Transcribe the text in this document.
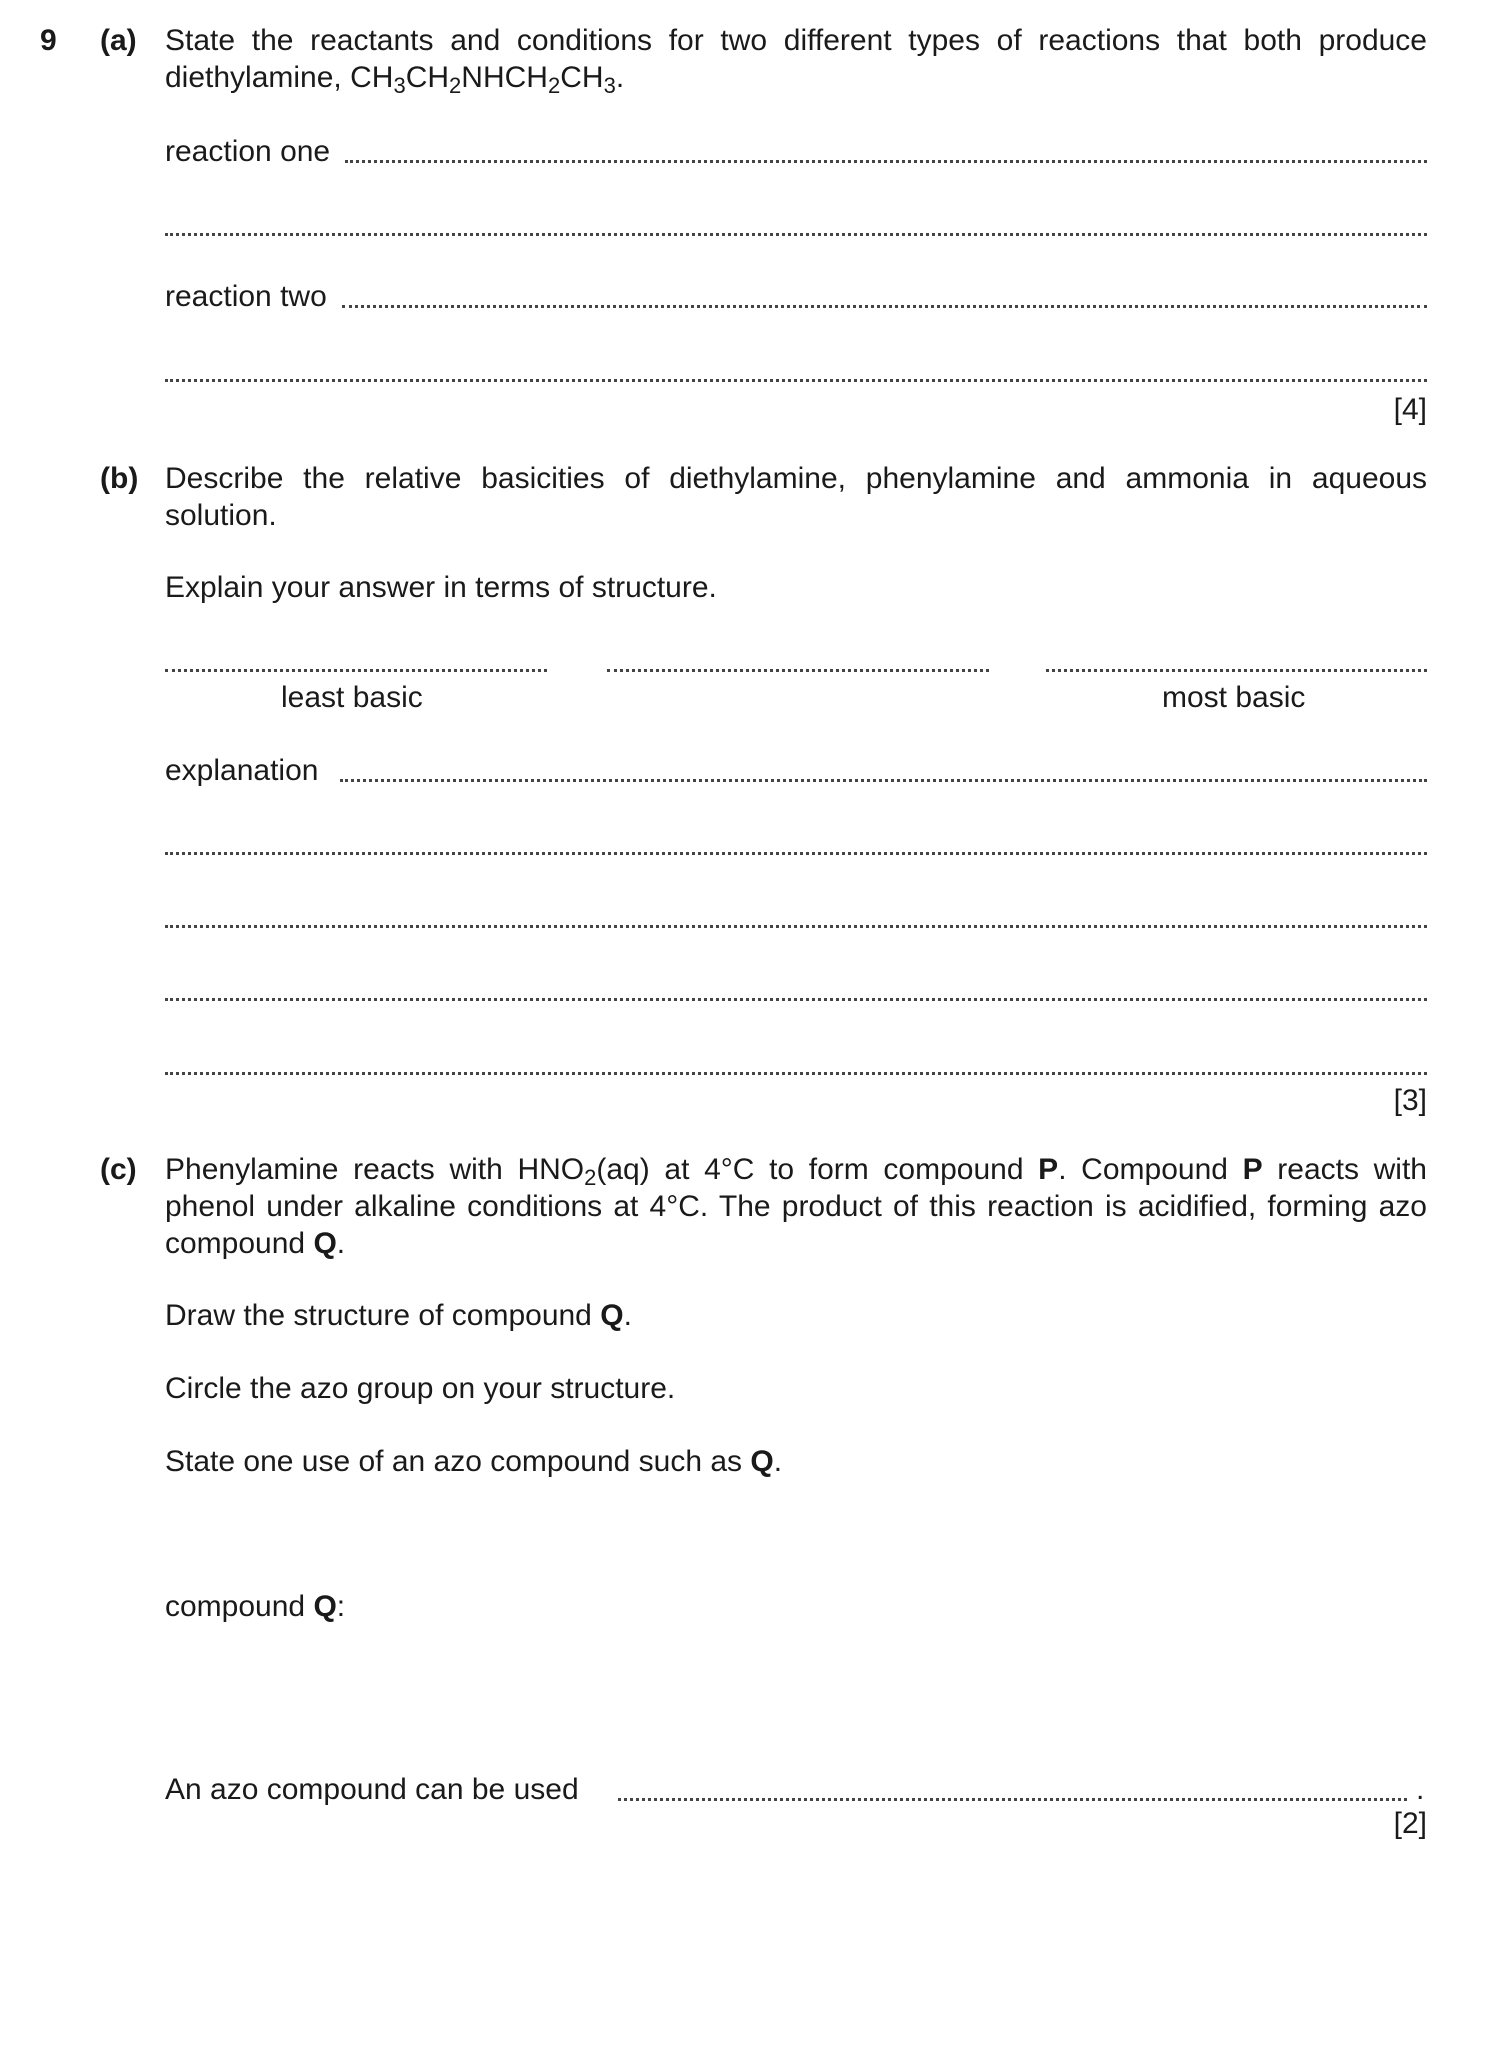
9 (a) State the reactants and conditions for two different types of reactions that both produce diethylamine, $CH_3CH_2NHCH_2CH_3$.
reaction one
reaction two
[4]
(b) Describe the relative basicities of diethylamine, phenylamine and ammonia in aqueous solution.
Explain your answer in terms of structure.
least basic	most basic
explanation
[3]
(c) Phenylamine reacts with $HNO_2(aq)$ at 4°C to form compound P. Compound P reacts with phenol under alkaline conditions at 4°C. The product of this reaction is acidified, forming azo compound Q.
Draw the structure of compound Q.
Circle the azo group on your structure.
State one use of an azo compound such as Q.
compound Q:
An azo compound can be used	.
[2]
